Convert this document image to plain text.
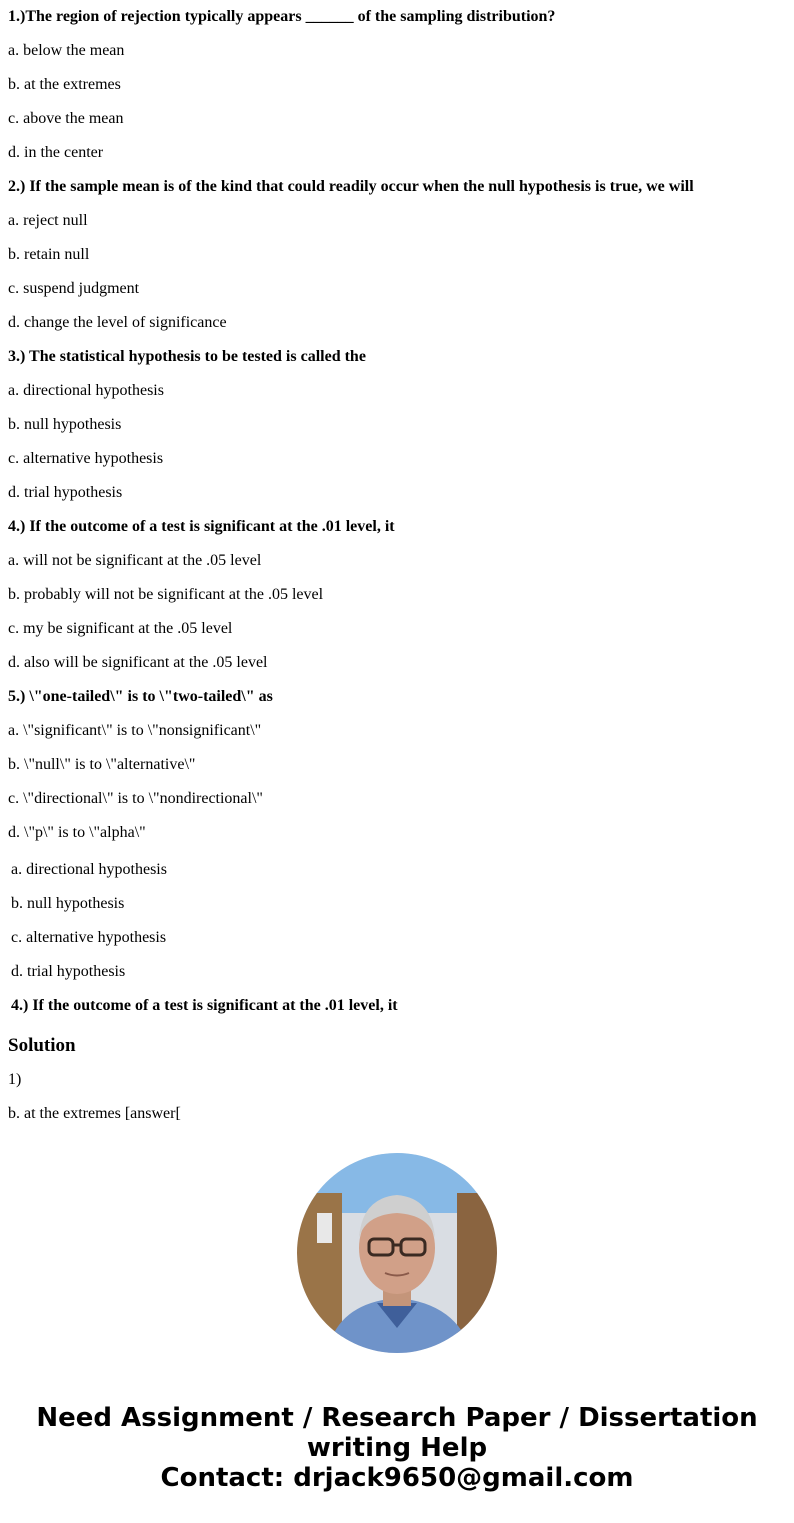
1.)The region of rejection typically appears ______ of the sampling distribution?
a. below the mean
b. at the extremes
c. above the mean
d. in the center
2.) If the sample mean is of the kind that could readily occur when the null hypothesis is true, we will
a. reject null
b. retain null
c. suspend judgment
d. change the level of significance
3.) The statistical hypothesis to be tested is called the
a. directional hypothesis
b. null hypothesis
c. alternative hypothesis
d. trial hypothesis
4.) If the outcome of a test is significant at the .01 level, it
a. will not be significant at the .05 level
b. probably will not be significant at the .05 level
c. my be significant at the .05 level
d. also will be significant at the .05 level
5.) \"one-tailed\" is to \"two-tailed\" as
a. \"significant\" is to \"nonsignificant\"
b. \"null\" is to \"alternative\"
c. \"directional\" is to \"nondirectional\"
d. \"p\" is to \"alpha\"
a. directional hypothesis
b. null hypothesis
c. alternative hypothesis
d. trial hypothesis
4.) If the outcome of a test is significant at the .01 level, it
Solution
1)
b. at the extremes [answer[
Need Assignment / Research Paper / Dissertation
writing Help
Contact: drjack9650@gmail.com
